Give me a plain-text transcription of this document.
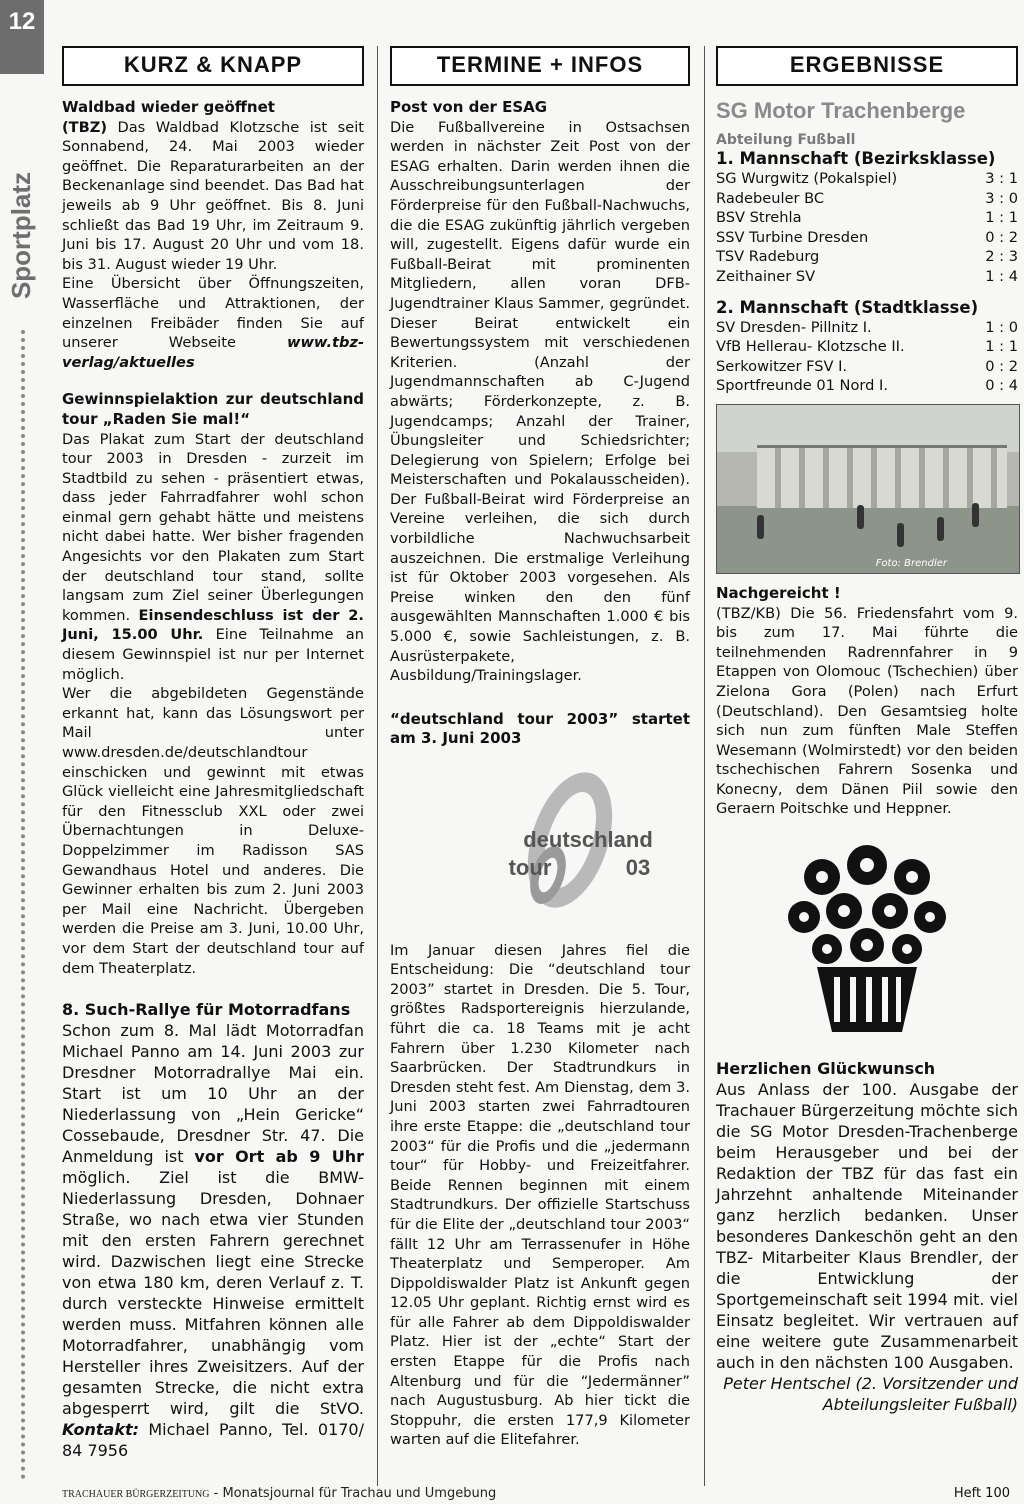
12
Sportplatz
KURZ & KNAPP
Waldbad wieder geöffnet

(TBZ) Das Waldbad Klotzsche ist seit Sonnabend, 24. Mai 2003 wieder geöffnet. Die Reparaturarbeiten an der Beckenanlage sind beendet. Das Bad hat jeweils ab 9 Uhr geöffnet. Bis 8. Juni schließt das Bad 19 Uhr, im Zeitraum 9. Juni bis 17. August 20 Uhr und vom 18. bis 31. August wieder 19 Uhr.

Eine Übersicht über Öffnungszeiten, Wasserfläche und Attraktionen, der einzelnen Freibäder finden Sie auf unserer Webseite www.tbz-verlag/aktuelles

Gewinnspielaktion zur deutschland tour „Raden Sie mal!“

Das Plakat zum Start der deutschland tour 2003 in Dresden - zurzeit im Stadtbild zu sehen - präsentiert etwas, dass jeder Fahrradfahrer wohl schon einmal gern gehabt hätte und meistens nicht dabei hatte. Wer bisher fragenden Angesichts vor den Plakaten zum Start der deutschland tour stand, sollte langsam zum Ziel seiner Überlegungen kommen. Einsendeschluss ist der 2. Juni, 15.00 Uhr. Eine Teilnahme an diesem Gewinnspiel ist nur per Internet möglich.

Wer die abgebildeten Gegenstände erkannt hat, kann das Lösungswort per Mail unter www.dresden.de/deutschlandtour einschicken und gewinnt mit etwas Glück vielleicht eine Jahresmitgliedschaft für den Fitnessclub XXL oder zwei Übernachtungen in Deluxe-Doppelzimmer im Radisson SAS Gewandhaus Hotel und anderes. Die Gewinner erhalten bis zum 2. Juni 2003 per Mail eine Nachricht. Übergeben werden die Preise am 3. Juni, 10.00 Uhr, vor dem Start der deutschland tour auf dem Theaterplatz.

8. Such-Rallye für Motorradfans

Schon zum 8. Mal lädt Motorradfan Michael Panno am 14. Juni 2003 zur Dresdner Motorradrallye Mai ein. Start ist um 10 Uhr an der Niederlassung von „Hein Gericke“ Cossebaude, Dresdner Str. 47. Die Anmeldung ist vor Ort ab 9 Uhr möglich. Ziel ist die BMW-Niederlassung Dresden, Dohnaer Straße, wo nach etwa vier Stunden mit den ersten Fahrern gerechnet wird. Dazwischen liegt eine Strecke von etwa 180 km, deren Verlauf z. T. durch versteckte Hinweise ermittelt werden muss. Mitfahren können alle Motorradfahrer, unabhängig vom Hersteller ihres Zweisitzers. Auf der gesamten Strecke, die nicht extra abgesperrt wird, gilt die StVO. Kontakt: Michael Panno, Tel. 0170/ 84 7956

TERMINE + INFOS
Post von der ESAG

Die Fußballvereine in Ostsachsen werden in nächster Zeit Post von der ESAG erhalten. Darin werden ihnen die Ausschreibungsunterlagen der Förderpreise für den Fußball-Nachwuchs, die die ESAG zukünftig jährlich vergeben will, zugestellt. Eigens dafür wurde ein Fußball-Beirat mit prominenten Mitgliedern, allen voran DFB-Jugendtrainer Klaus Sammer, gegründet. Dieser Beirat entwickelt ein Bewertungssystem mit verschiedenen Kriterien. (Anzahl der Jugendmannschaften ab C-Jugend abwärts; Förderkonzepte, z. B. Jugendcamps; Anzahl der Trainer, Übungsleiter und Schiedsrichter; Delegierung von Spielern; Erfolge bei Meisterschaften und Pokalausscheiden). Der Fußball-Beirat wird Förderpreise an Vereine verleihen, die sich durch vorbildliche Nachwuchsarbeit auszeichnen. Die erstmalige Verleihung ist für Oktober 2003 vorgesehen. Als Preise winken den den fünf ausgewählten Mannschaften 1.000 € bis 5.000 €, sowie Sachleistungen, z. B. Ausrüsterpakete, Ausbildung/Trainingslager.

“deutschland tour 2003” startet am 3. Juni 2003
deutschland
tour	03

Im Januar diesen Jahres fiel die Entscheidung: Die “deutschland tour 2003” startet in Dresden. Die 5. Tour, größtes Radsportereignis hierzulande, führt die ca. 18 Teams mit je acht Fahrern über 1.230 Kilometer nach Saarbrücken. Der Stadtrundkurs in Dresden steht fest. Am Dienstag, dem 3. Juni 2003 starten zwei Fahrradtouren ihre erste Etappe: die „deutschland tour 2003“ für die Profis und die „jedermann tour“ für Hobby- und Freizeitfahrer. Beide Rennen beginnen mit einem Stadtrundkurs. Der offizielle Startschuss für die Elite der „deutschland tour 2003“ fällt 12 Uhr am Terrassenufer in Höhe Theaterplatz und Semperoper. Am Dippoldiswalder Platz ist Ankunft gegen 12.05 Uhr geplant. Richtig ernst wird es für alle Fahrer ab dem Dippoldiswalder Platz. Hier ist der „echte“ Start der ersten Etappe für die Profis nach Altenburg und für die “Jedermänner” nach Augustusburg. Ab hier tickt die Stoppuhr, die ersten 177,9 Kilometer warten auf die Elitefahrer.

ERGEBNISSE
SG Motor Trachenberge
Abteilung Fußball
1. Mannschaft (Bezirksklasse)
SG Wurgwitz (Pokalspiel)	3 : 1
Radebeuler BC	3 : 0
BSV Strehla	1 : 1
SSV Turbine Dresden	0 : 2
TSV Radeburg	2 : 3
Zeithainer SV	1 : 4
2. Mannschaft (Stadtklasse)
SV Dresden- Pillnitz I.	1 : 0
VfB Hellerau- Klotzsche II.	1 : 1
Serkowitzer FSV I.	0 : 2
Sportfreunde 01 Nord I.	0 : 4
Foto: Brendler
Nachgereicht !

(TBZ/KB) Die 56. Friedensfahrt vom 9. bis zum 17. Mai führte die teilnehmenden Radrennfahrer in 9 Etappen von Olomouc (Tschechien) über Zielona Gora (Polen) nach Erfurt (Deutschland). Den Gesamtsieg holte sich nun zum fünften Male Steffen Wesemann (Wolmirstedt) vor den beiden tschechischen Fahrern Sosenka und Konecny, dem Dänen Piil sowie den Geraern Poitschke und Heppner.

Herzlichen Glückwunsch

Aus Anlass der 100. Ausgabe der Trachauer Bürgerzeitung möchte sich die SG Motor Dresden-Trachenberge beim Herausgeber und bei der Redaktion der TBZ für das fast ein Jahrzehnt anhaltende Miteinander ganz herzlich bedanken. Unser besonderes Dankeschön geht an den TBZ- Mitarbeiter Klaus Brendler, der die Entwicklung der Sportgemeinschaft seit 1994 mit. viel Einsatz begleitet. Wir vertrauen auf eine weitere gute Zusammenarbeit auch in den nächsten 100 Ausgaben.

Peter Hentschel (2. Vorsitzender und Abteilungsleiter Fußball)

TRACHAUER BÜRGERZEITUNG - Monatsjournal für Trachau und Umgebung	Heft 100
